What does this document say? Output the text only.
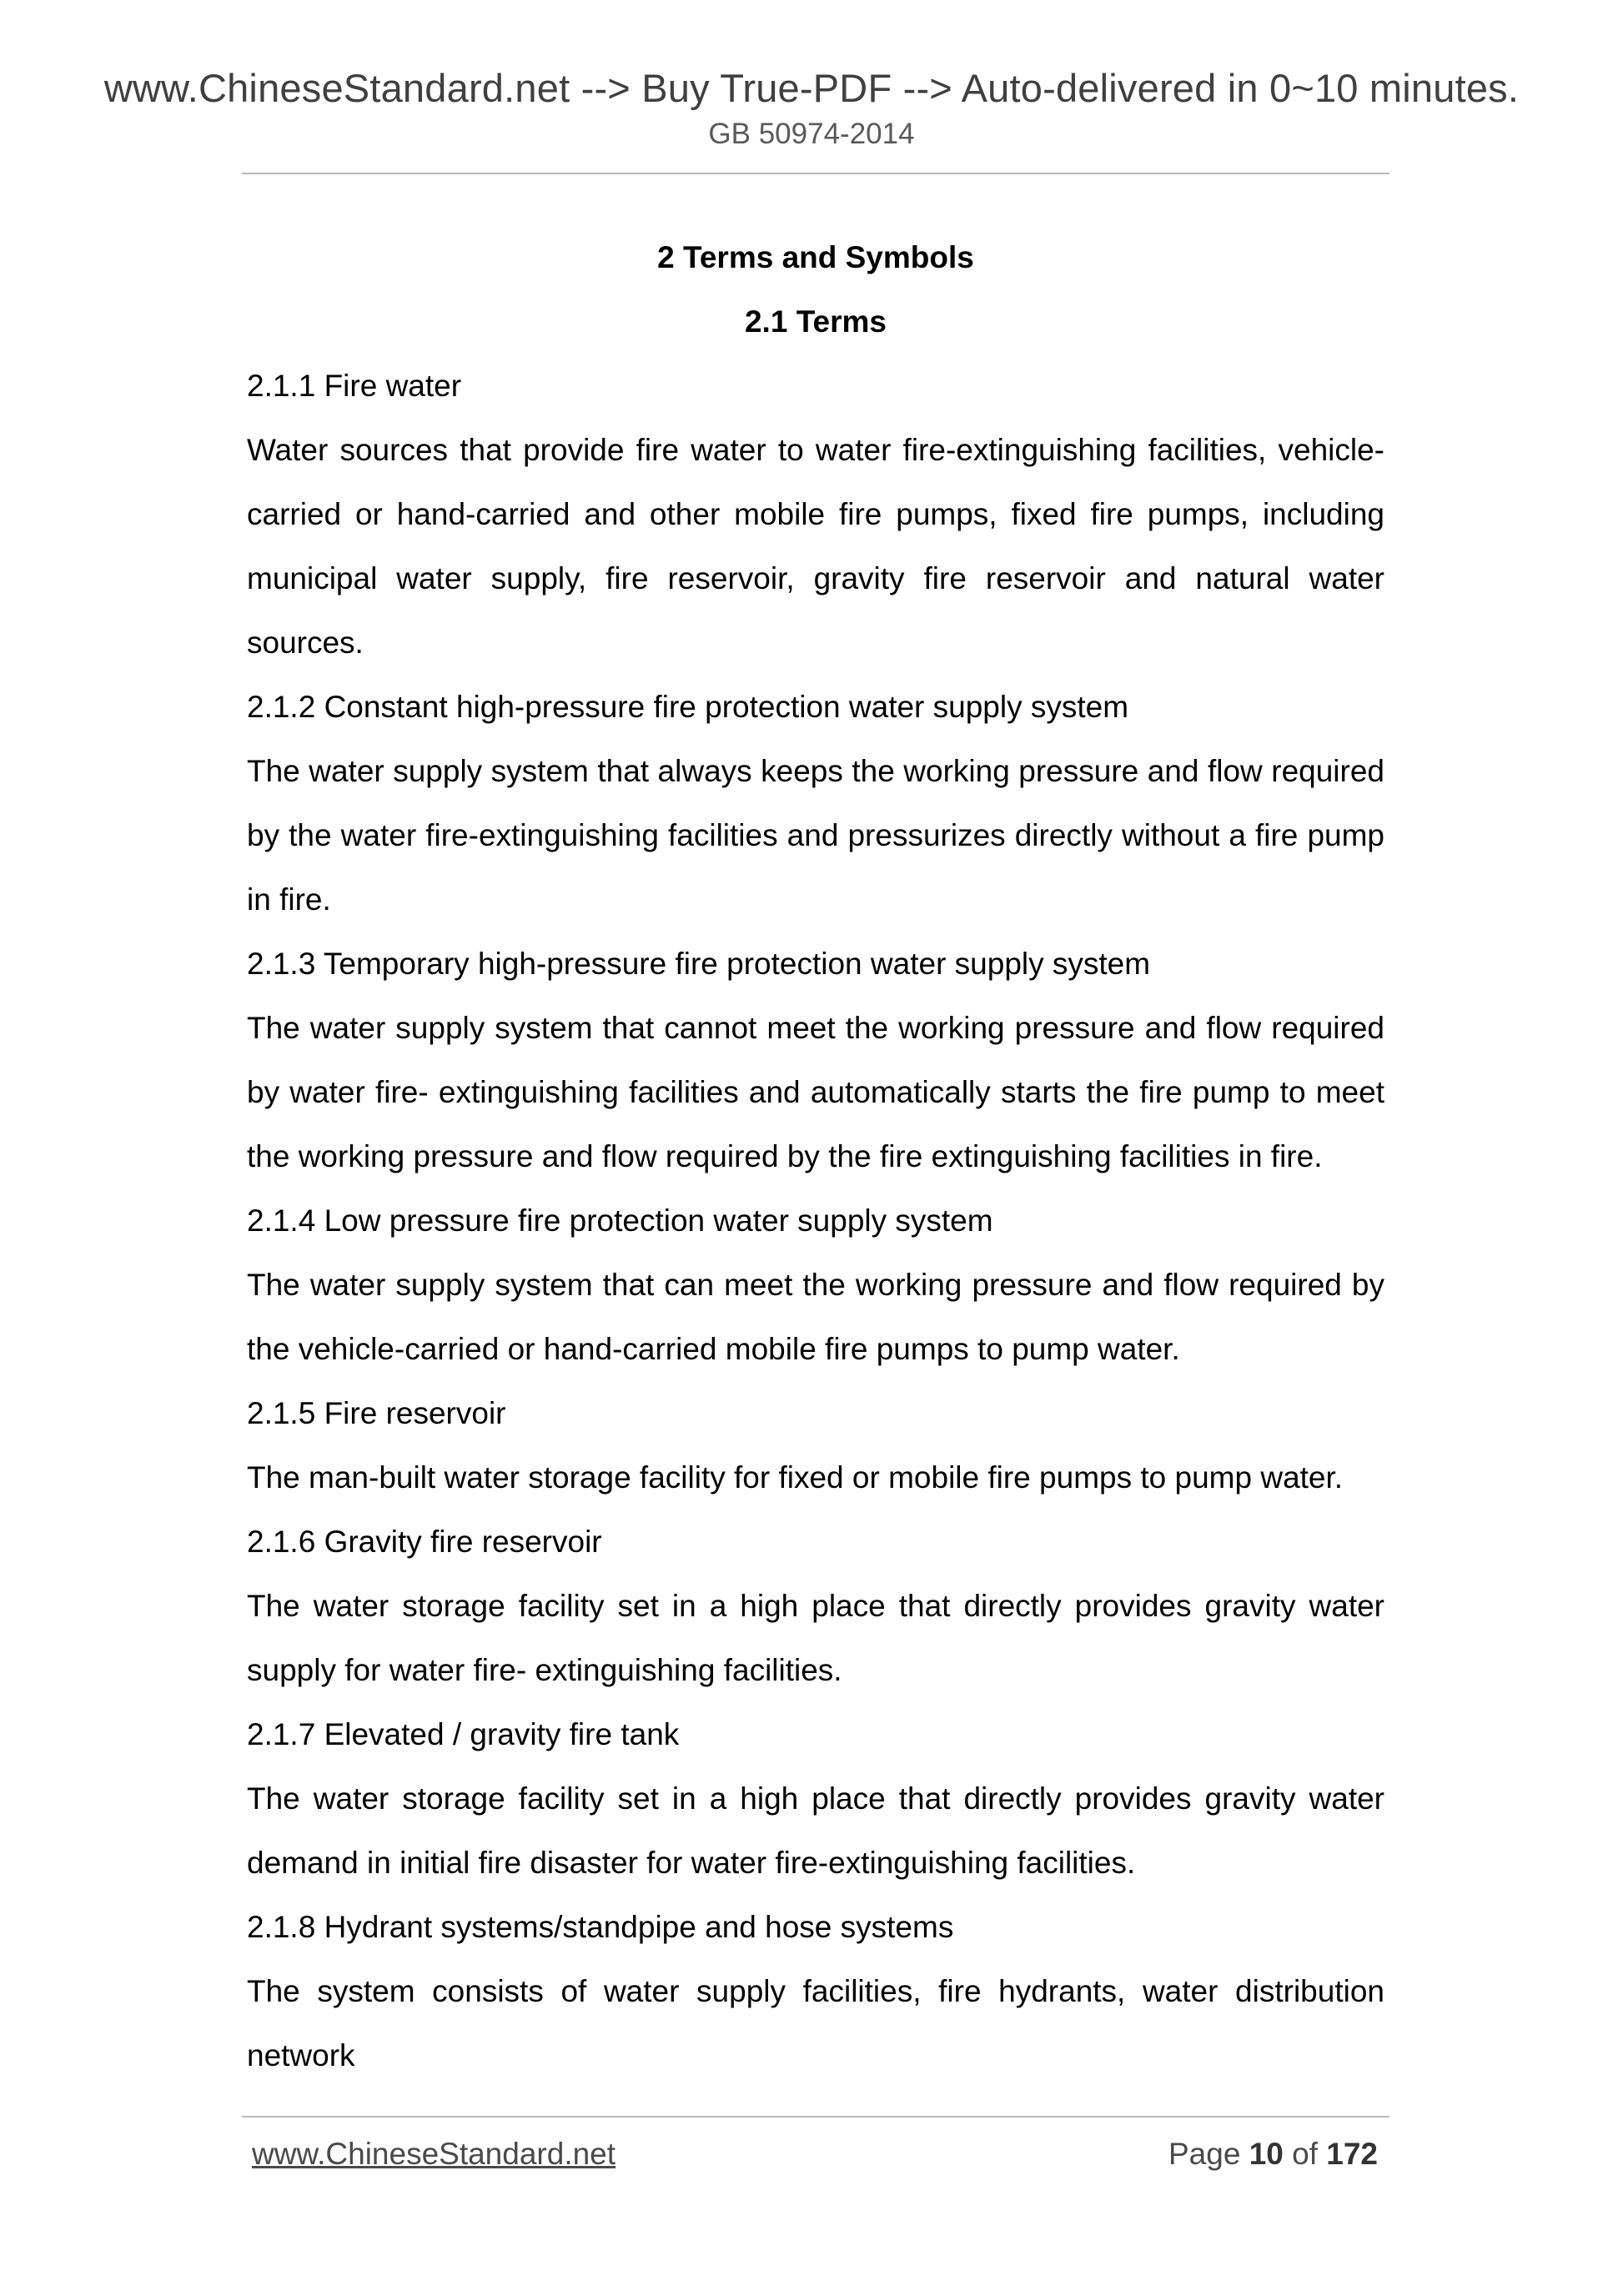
www.ChineseStandard.net --> Buy True-PDF --> Auto-delivered in 0~10 minutes.
GB 50974-2014

2 Terms and Symbols

2.1 Terms

2.1.1 Fire water

Water sources that provide fire water to water fire-extinguishing facilities, vehicle-carried or hand-carried and other mobile fire pumps, fixed fire pumps, including municipal water supply, fire reservoir, gravity fire reservoir and natural water sources.

2.1.2 Constant high-pressure fire protection water supply system

The water supply system that always keeps the working pressure and flow required by the water fire-extinguishing facilities and pressurizes directly without a fire pump in fire.

2.1.3 Temporary high-pressure fire protection water supply system

The water supply system that cannot meet the working pressure and flow required by water fire- extinguishing facilities and automatically starts the fire pump to meet the working pressure and flow required by the fire extinguishing facilities in fire.

2.1.4 Low pressure fire protection water supply system

The water supply system that can meet the working pressure and flow required by the vehicle-carried or hand-carried mobile fire pumps to pump water.

2.1.5 Fire reservoir

The man-built water storage facility for fixed or mobile fire pumps to pump water.

2.1.6 Gravity fire reservoir

The water storage facility set in a high place that directly provides gravity water supply for water fire- extinguishing facilities.

2.1.7 Elevated / gravity fire tank

The water storage facility set in a high place that directly provides gravity water demand in initial fire disaster for water fire-extinguishing facilities.

2.1.8 Hydrant systems/standpipe and hose systems

The system consists of water supply facilities, fire hydrants, water distribution network

www.ChineseStandard.net	Page 10 of 172
